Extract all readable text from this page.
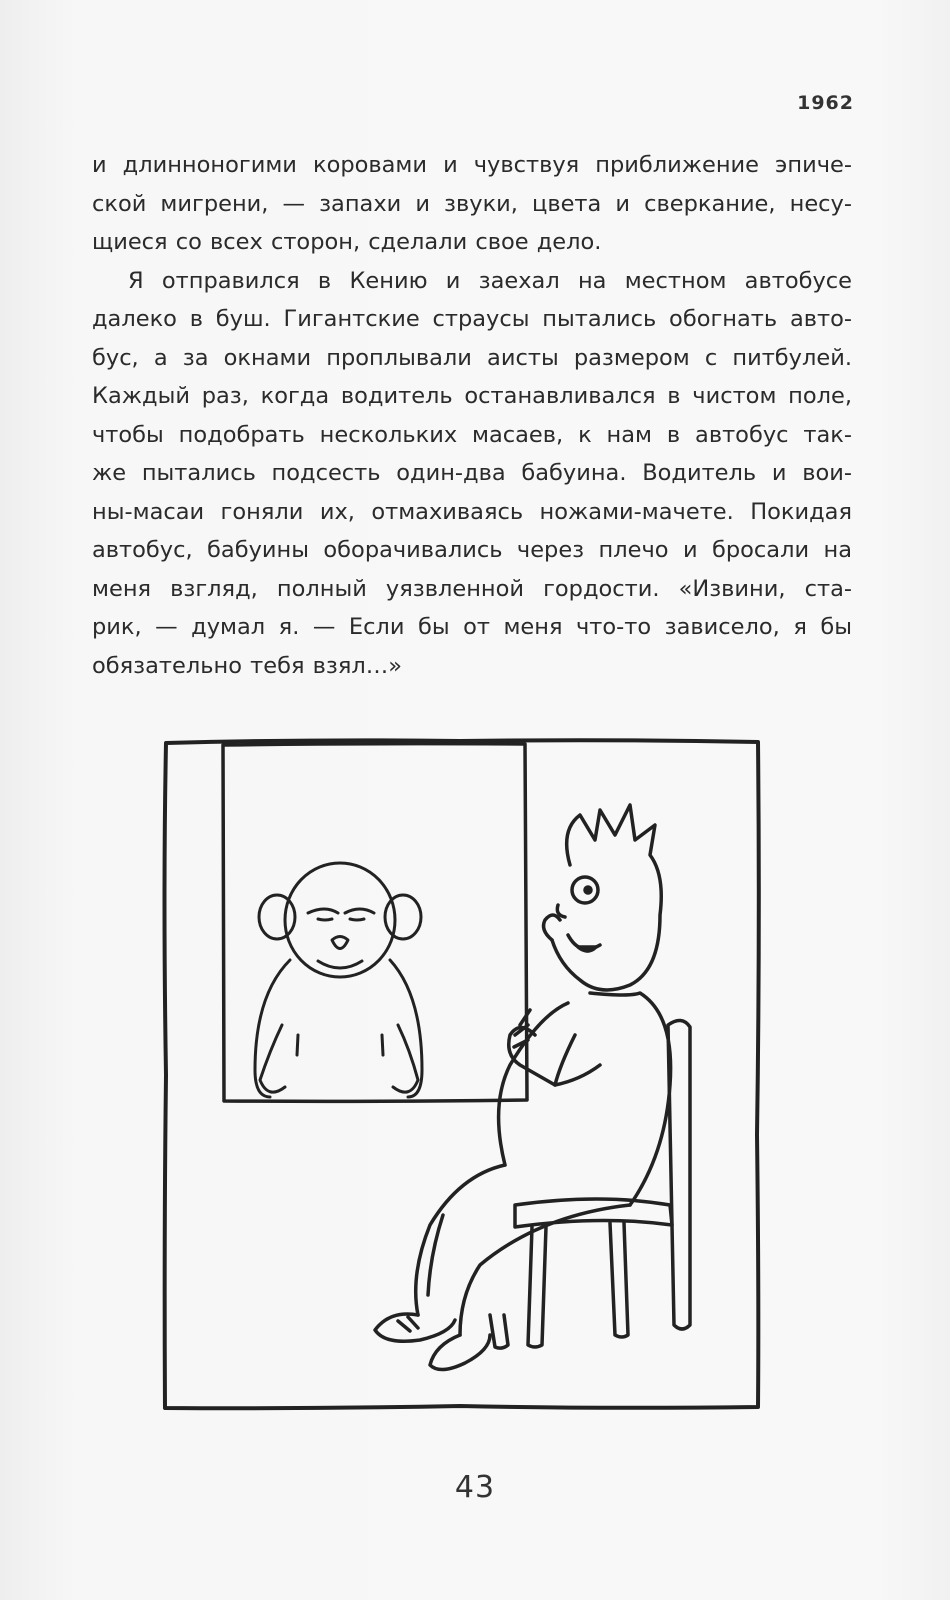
1962

и длинноногими коровами и чувствуя приближение эпиче-
ской мигрени, — запахи и звуки, цвета и сверкание, несу-
щиеся со всех сторон, сделали свое дело.

Я отправился в Кению и заехал на местном автобусе
далеко в буш. Гигантские страусы пытались обогнать авто-
бус, а за окнами проплывали аисты размером с питбулей.
Каждый раз, когда водитель останавливался в чистом поле,
чтобы подобрать нескольких масаев, к нам в автобус так-
же пытались подсесть один-два бабуина. Водитель и вои-
ны-масаи гоняли их, отмахиваясь ножами-мачете. Покидая
автобус, бабуины оборачивались через плечо и бросали на
меня взгляд, полный уязвленной гордости. «Извини, ста-
рик, — думал я. — Если бы от меня что-то зависело, я бы
обязательно тебя взял…»

43
